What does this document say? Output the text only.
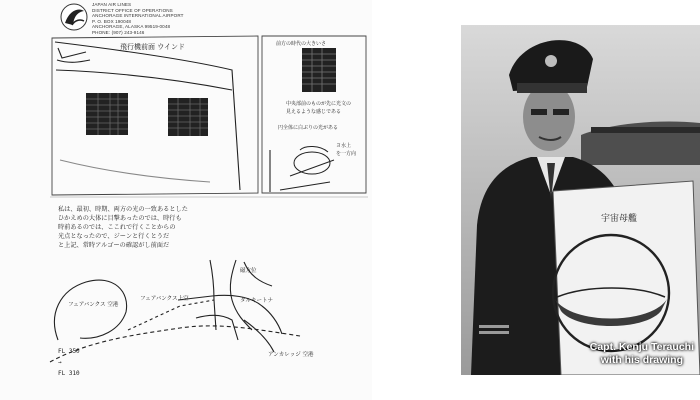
JAPAN AIR LINES
DISTRICT OFFICE OF OPERATIONS
ANCHORAGE INTERNATIONAL AIRPORT
P. O. BOX 190048
ANCHORAGE, ALASKA 99519-0048
PHONE: (907) 243-9146
飛行機前面 ウインド	前方の時代の大きいさ
中央部前のものが先に光文の
見えるような感じである
円全体に白ぶりの光がある
ヨ水上
を一方向
私は、最初、時期、両方の光の一致あるとした
ひかえめの大体に目撃あったのでは、時行も
時前あるのでは、ここれで行くことからの
光点となったので、ジーンと行くとうだ
と上記、常時アルゴーの確認がし前面だ
磁方位
フェアバンクス上空
フェアバンクス 空港
アンカレッジ 空港
タルキートナ
FL 350
→
FL 310
宇宙母艦
Capt. Kenju Terauchi
with his drawing
